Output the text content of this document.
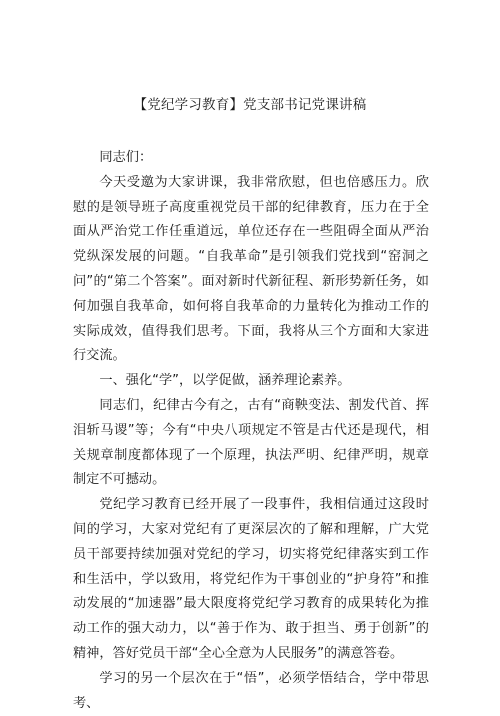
【党纪学习教育】党支部书记党课讲稿

同志们：

今天受邀为大家讲课，我非常欣慰，但也倍感压力。欣慰的是领导班子高度重视党员干部的纪律教育，压力在于全面从严治党工作任重道远，单位还存在一些阻碍全面从严治党纵深发展的问题。“自我革命”是引领我们党找到“窑洞之问”的“第二个答案”。面对新时代新征程、新形势新任务，如何加强自我革命，如何将自我革命的力量转化为推动工作的实际成效，值得我们思考。下面，我将从三个方面和大家进行交流。

一、强化“学”，以学促做，涵养理论素养。

同志们，纪律古今有之，古有“商鞅变法、割发代首、挥泪斩马谡”等；今有“中央八项规定不管是古代还是现代，相关规章制度都体现了一个原理，执法严明、纪律严明，规章制定不可撼动。

党纪学习教育已经开展了一段事件，我相信通过这段时间的学习，大家对党纪有了更深层次的了解和理解，广大党员干部要持续加强对党纪的学习，切实将党纪律落实到工作和生活中，学以致用，将党纪作为干事创业的“护身符”和推动发展的“加速器”最大限度将党纪学习教育的成果转化为推动工作的强大动力，以“善于作为、敢于担当、勇于创新”的精神，答好党员干部“全心全意为人民服务”的满意答卷。

学习的另一个层次在于“悟”，必须学悟结合，学中带思考、
